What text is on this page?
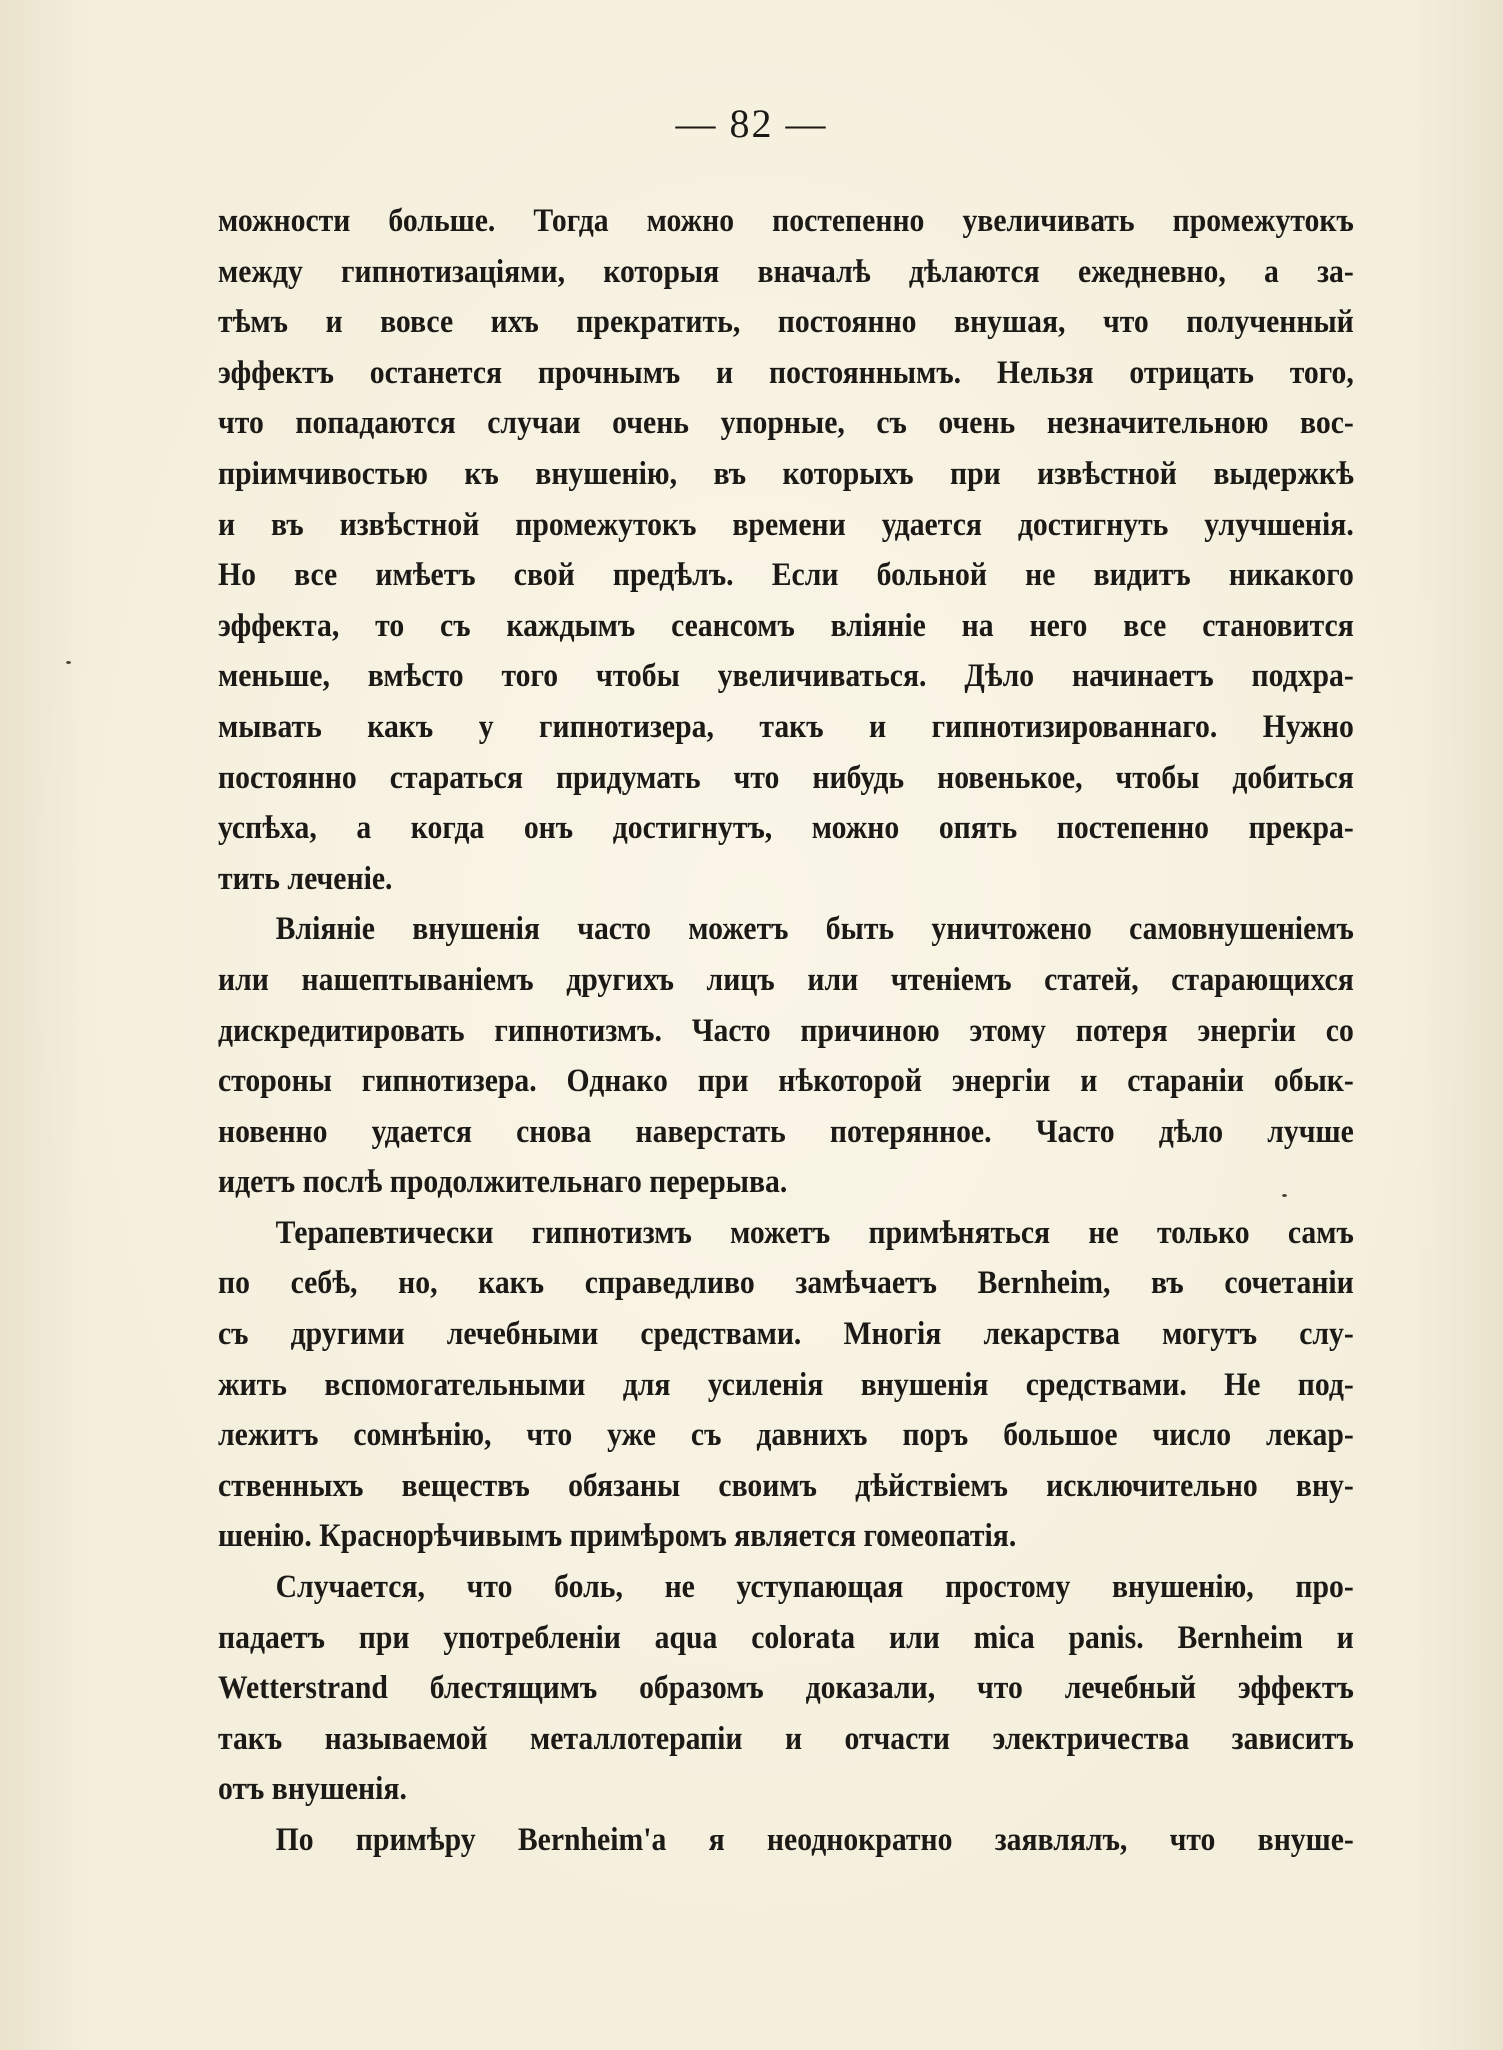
— 82 —
можности больше. Тогда можно постепенно увеличивать промежутокъ
между гипнотизацiями, которыя вначалѣ дѣлаются ежедневно, а за-
тѣмъ и вовсе ихъ прекратить, постоянно внушая, что полученный
эффектъ останется прочнымъ и постояннымъ. Нельзя отрицать того,
что попадаются случаи очень упорные, съ очень незначительною вос-
прiимчивостью къ внушенiю, въ которыхъ при извѣстной выдержкѣ
и въ извѣстной промежутокъ времени удается достигнуть улучшенiя.
Но все имѣетъ свой предѣлъ. Если больной не видитъ никакого
эффекта, то съ каждымъ сеансомъ влiянiе на него все становится
меньше, вмѣсто того чтобы увеличиваться. Дѣло начинаетъ подхра-
мывать какъ у гипнотизера, такъ и гипнотизированнаго. Нужно
постоянно стараться придумать что нибудь новенькое, чтобы добиться
успѣха, а когда онъ достигнутъ, можно опять постепенно прекра-
тить леченiе.
Влiянiе внушенiя часто можетъ быть уничтожено самовнушенiемъ
или нашептыванiемъ другихъ лицъ или чтенiемъ статей, старающихся
дискредитировать гипнотизмъ. Часто причиною этому потеря энергiи со
стороны гипнотизера. Однако при нѣкоторой энергiи и старанiи обык-
новенно удается снова наверстать потерянное. Часто дѣло лучше
идетъ послѣ продолжительнаго перерыва.
Терапевтически гипнотизмъ можетъ примѣняться не только самъ
по себѣ, но, какъ справедливо замѣчаетъ Bernheim, въ сочетанiи
съ другими лечебными средствами. Многiя лекарства могутъ слу-
жить вспомогательными для усиленiя внушенiя средствами. Не под-
лежитъ сомнѣнiю, что уже съ давнихъ поръ большое число лекар-
ственныхъ веществъ обязаны своимъ дѣйствiемъ исключительно вну-
шенiю. Краснорѣчивымъ примѣромъ является гомеопатiя.
Случается, что боль, не уступающая простому внушенiю, про-
падаетъ при употребленiи aqua colorata или mica panis. Bernheim и
Wetterstrand блестящимъ образомъ доказали, что лечебный эффектъ
такъ называемой металлотерапiи и отчасти электричества зависитъ
отъ внушенiя.
По примѣру Bernheim'a я неоднократно заявлялъ, что внуше-
